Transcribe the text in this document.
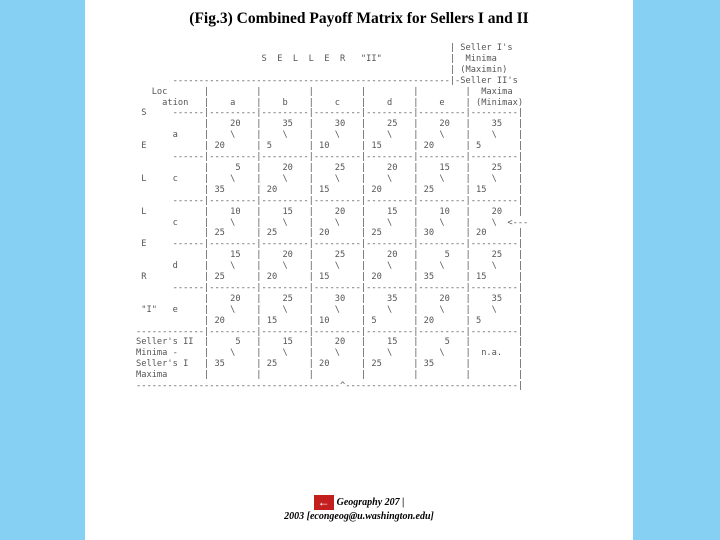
(Fig.3) Combined Payoff Matrix for Sellers I and II
| Seller I's
S  E  L  L  E  R   "II"             |  Minima
| (Maximin)
-----------------------------------------------------|-Seller II's
Loc       |         |         |         |         |         |  Maxima
ation   |    a    |    b    |    c    |    d    |    e    | (Minimax)
S     ------|---------|---------|---------|---------|---------|---------|
|    20   |    35   |    30   |    25   |    20   |    35   |
a     |    \    |    \    |    \    |    \    |    \    |    \    |
E           | 20      | 5       | 10      | 15      | 20      | 5       |
------|---------|---------|---------|---------|---------|---------|
|     5   |    20   |    25   |    20   |    15   |    25   |
L     c     |    \    |    \    |    \    |    \    |    \    |    \    |
| 35      | 20      | 15      | 20      | 25      | 15      |
------|---------|---------|---------|---------|---------|---------|
L           |    10   |    15   |    20   |    15   |    10   |    20   |
c     |    \    |    \    |    \    |    \    |    \    |    \  <---
| 25      | 25      | 20      | 25      | 30      | 20      |
E     ------|---------|---------|---------|---------|---------|---------|
|    15   |    20   |    25   |    20   |     5   |    25   |
d     |    \    |    \    |    \    |    \    |    \    |    \    |
R           | 25      | 20      | 15      | 20      | 35      | 15      |
------|---------|---------|---------|---------|---------|---------|
|    20   |    25   |    30   |    35   |    20   |    35   |
"I"   e     |    \    |    \    |    \    |    \    |    \    |    \    |
| 20      | 15      | 10      | 5       | 20      | 5       |
-------------|---------|---------|---------|---------|---------|---------|
Seller's II  |     5   |    15   |    20   |    15   |     5   |         |
Minima -     |    \    |    \    |    \    |    \    |    \    |  n.a.   |
Seller's I   | 35      | 25      | 20      | 25      | 35      |         |
Maxima       |         |         |         |         |         |         |
---------------------------------------^---------------------------------|
← Geography 207 |
2003 [econgeog@u.washington.edu]
